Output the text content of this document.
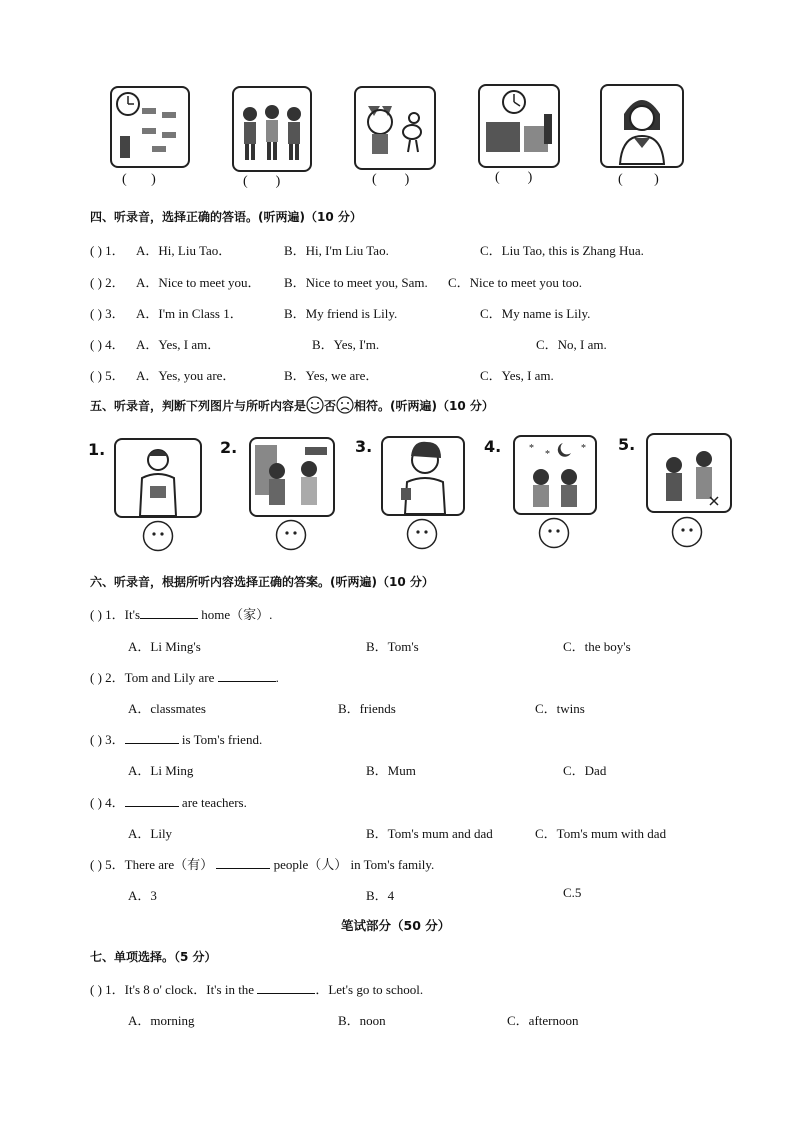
( )	( )	( )	( )	( )
四、听录音，选择正确的答语。(听两遍)（10 分）
( ) 1． A．Hi, Liu Tao．	B．Hi, I'm Liu Tao.	C．Liu Tao, this is Zhang Hua.
( ) 2． A．Nice to meet you． B．Nice to meet you, Sam. C．Nice to meet you too.
( ) 3． A．I'm in Class 1．	B．My friend is Lily.	C．My name is Lily.
( ) 4． A．Yes, I am．	B．Yes, I'm.	C．No, I am.
( ) 5． A．Yes, you are．	B．Yes, we are．	C．Yes, I am.
五、听录音，判断下列图片与所听内容是 否 相符。(听两遍)（10 分）
1.	2.	3.	4.	5.
*
*
*
六、听录音，根据所听内容选择正确的答案。(听两遍)（10 分）
( ) 1．It's	home（家）.
A．Li Ming's	B．Tom's	C．the boy's
( ) 2．Tom and Lily are	.
A．classmates	B．friends	C．twins
( ) 3．	is Tom's friend.
A．Li Ming	B．Mum	C．Dad
( ) 4．	are teachers.
A．Lily	B．Tom's mum and dad	C．Tom's mum with dad
( ) 5．There are（有）	people（人） in Tom's family.
A．3	B．4	C.5
笔试部分（50 分）
七、单项选择。（5 分）
( ) 1．It's 8 o' clock．It's in the	．Let's go to school.
A．morning	B．noon	C．afternoon
